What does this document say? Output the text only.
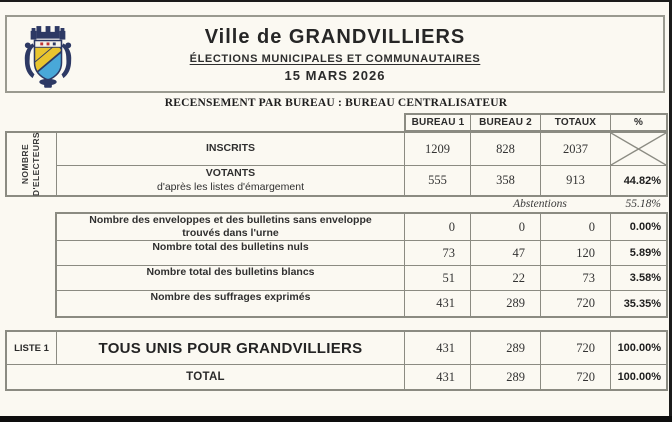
Ville de GRANDVILLIERS
ÉLECTIONS MUNICIPALES ET COMMUNAUTAIRES
15 MARS 2026
RECENSEMENT PAR BUREAU : BUREAU CENTRALISATEUR
BUREAU 1	BUREAU 2	TOTAUX	%
NOMBRE D'ELECTEURS	INSCRITS	1209	828	2037
VOTANTS
d'après les listes d'émargement	555	358	913	44.82%
Abstentions	55.18%
Nombre des enveloppes et des bulletins sans enveloppe
trouvés dans l'urne	0	0	0	0.00%
Nombre total des bulletins nuls	73	47	120	5.89%
Nombre total des bulletins blancs	51	22	73	3.58%
Nombre des suffrages exprimés	431	289	720	35.35%
LISTE 1	TOUS UNIS POUR GRANDVILLIERS	431	289	720	100.00%
TOTAL	431	289	720	100.00%
